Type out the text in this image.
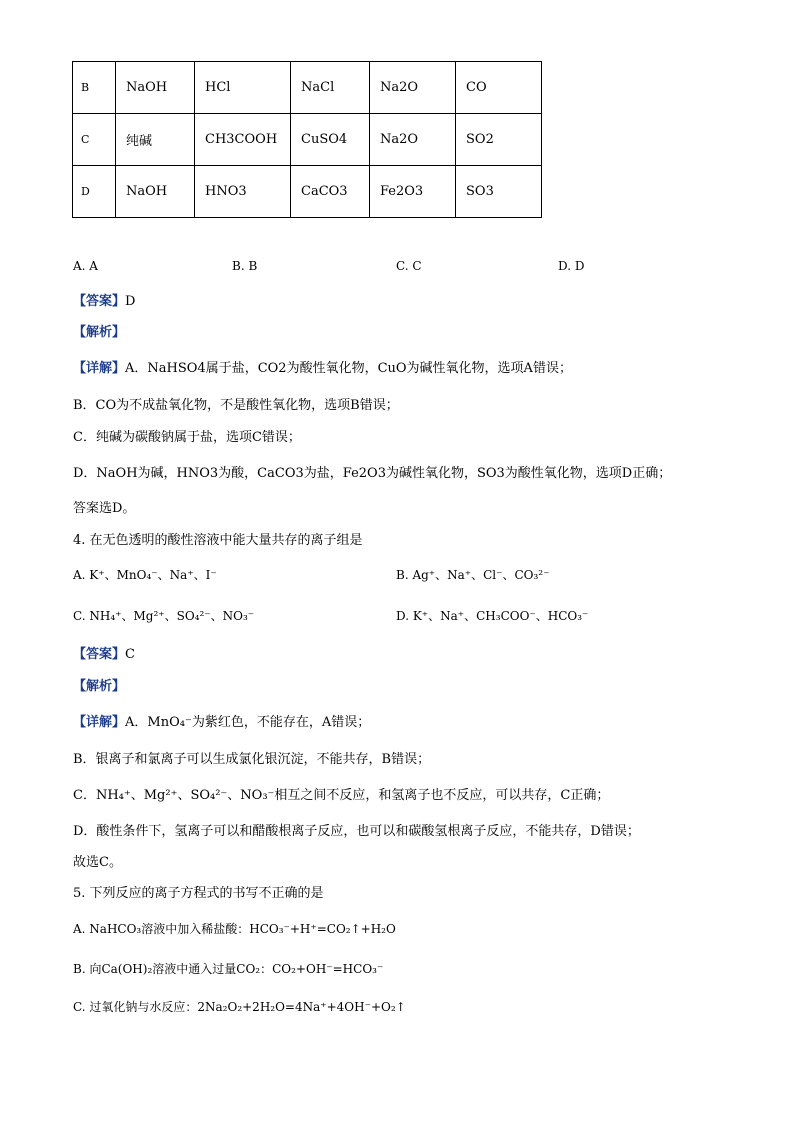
B	NaOH	HCl	NaCl	Na2O	CO
C	纯碱	CH3COOH	CuSO4	Na2O	SO2
D	NaOH	HNO3	CaCO3	Fe2O3	SO3
A. A	B. B	C. C	D. D
【答案】D
【解析】
【详解】A．NaHSO4属于盐，CO2为酸性氧化物，CuO为碱性氧化物，选项A错误；
B．CO为不成盐氧化物，不是酸性氧化物，选项B错误；
C．纯碱为碳酸钠属于盐，选项C错误；
D．NaOH为碱，HNO3为酸，CaCO3为盐，Fe2O3为碱性氧化物，SO3为酸性氧化物，选项D正确；
答案选D。
4. 在无色透明的酸性溶液中能大量共存的离子组是
A. K⁺、MnO₄⁻、Na⁺、I⁻	B. Ag⁺、Na⁺、Cl⁻、CO₃²⁻
C. NH₄⁺、Mg²⁺、SO₄²⁻、NO₃⁻	D. K⁺、Na⁺、CH₃COO⁻、HCO₃⁻
【答案】C
【解析】
【详解】A．MnO₄⁻为紫红色，不能存在，A错误；
B．银离子和氯离子可以生成氯化银沉淀，不能共存，B错误；
C．NH₄⁺、Mg²⁺、SO₄²⁻、NO₃⁻相互之间不反应，和氢离子也不反应，可以共存，C正确；
D．酸性条件下，氢离子可以和醋酸根离子反应，也可以和碳酸氢根离子反应，不能共存，D错误；
故选C。
5. 下列反应的离子方程式的书写不正确的是
A. NaHCO₃溶液中加入稀盐酸：HCO₃⁻+H⁺=CO₂↑+H₂O
B. 向Ca(OH)₂溶液中通入过量CO₂：CO₂+OH⁻=HCO₃⁻
C. 过氧化钠与水反应：2Na₂O₂+2H₂O=4Na⁺+4OH⁻+O₂↑
